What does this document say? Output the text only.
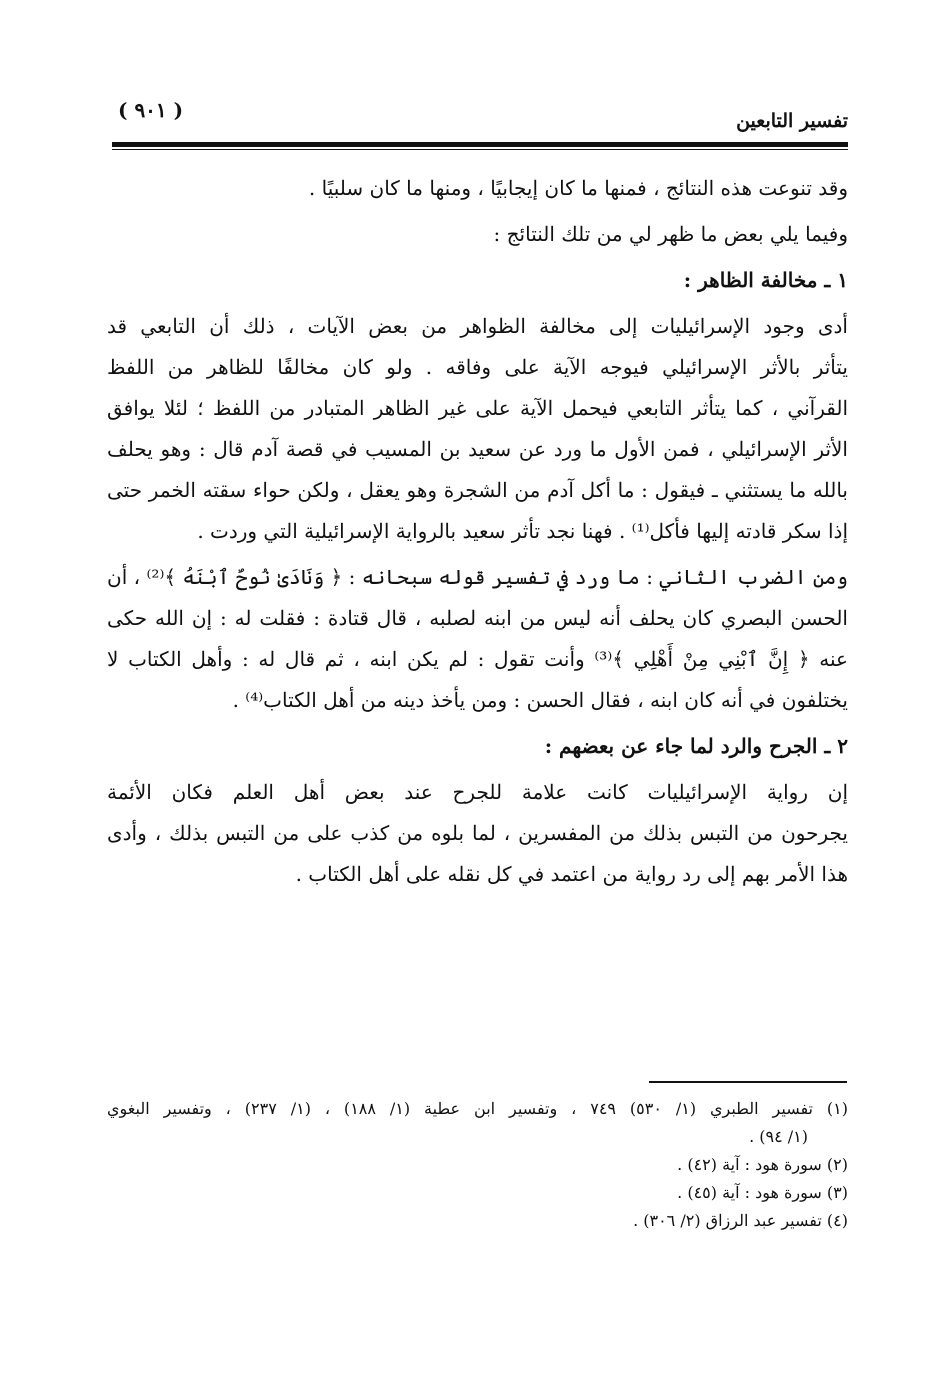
تفسير التابعين
( ٩٠١ )
وقد تنوعت هذه النتائج ، فمنها ما كان إيجابيًا ، ومنها ما كان سلبيًا .
وفيما يلي بعض ما ظهر لي من تلك النتائج :
١ ـ مخالفة الظاهر :
أدى وجود الإسرائيليات إلى مخالفة الظواهر من بعض الآيات ، ذلك أن التابعي قد
يتأثر بالأثر الإسرائيلي فيوجه الآية على وفاقه . ولو كان مخالفًا للظاهر من اللفظ
القرآني ، كما يتأثر التابعي فيحمل الآية على غير الظاهر المتبادر من اللفظ ؛ لئلا يوافق
الأثر الإسرائيلي ، فمن الأول ما ورد عن سعيد بن المسيب في قصة آدم قال : وهو يحلف
بالله ما يستثني ـ فيقول : ما أكل آدم من الشجرة وهو يعقل ، ولكن حواء سقته الخمر حتى
إذا سكر قادته إليها فأكل⁽¹⁾ . فهنا نجد تأثر سعيد بالرواية الإسرائيلية التي وردت .
ومن الضرب الثاني : ما ورد في تفسير قوله سبحانه : ﴿ وَنَادَىٰ نُوحٌ ٱبْنَهُ ﴾⁽²⁾ ، أن
الحسن البصري كان يحلف أنه ليس من ابنه لصلبه ، قال قتادة : فقلت له : إن الله حكى
عنه ﴿ إِنَّ ٱبْنِي مِنْ أَهْلِي ﴾⁽³⁾ وأنت تقول : لم يكن ابنه ، ثم قال له : وأهل الكتاب لا
يختلفون في أنه كان ابنه ، فقال الحسن : ومن يأخذ دينه من أهل الكتاب⁽⁴⁾ .
٢ ـ الجرح والرد لما جاء عن بعضهم :
إن رواية الإسرائيليات كانت علامة للجرح عند بعض أهل العلم فكان الأئمة
يجرحون من التبس بذلك من المفسرين ، لما بلوه من كذب على من التبس بذلك ، وأدى
هذا الأمر بهم إلى رد رواية من اعتمد في كل نقله على أهل الكتاب .
(١) تفسير الطبري (١/ ٥٣٠) ٧٤٩ ، وتفسير ابن عطية (١/ ١٨٨) ، (١/ ٢٣٧) ، وتفسير البغوي
(١/ ٩٤) .
(٢) سورة هود : آية (٤٢) .
(٣) سورة هود : آية (٤٥) .
(٤) تفسير عبد الرزاق (٢/ ٣٠٦) .
